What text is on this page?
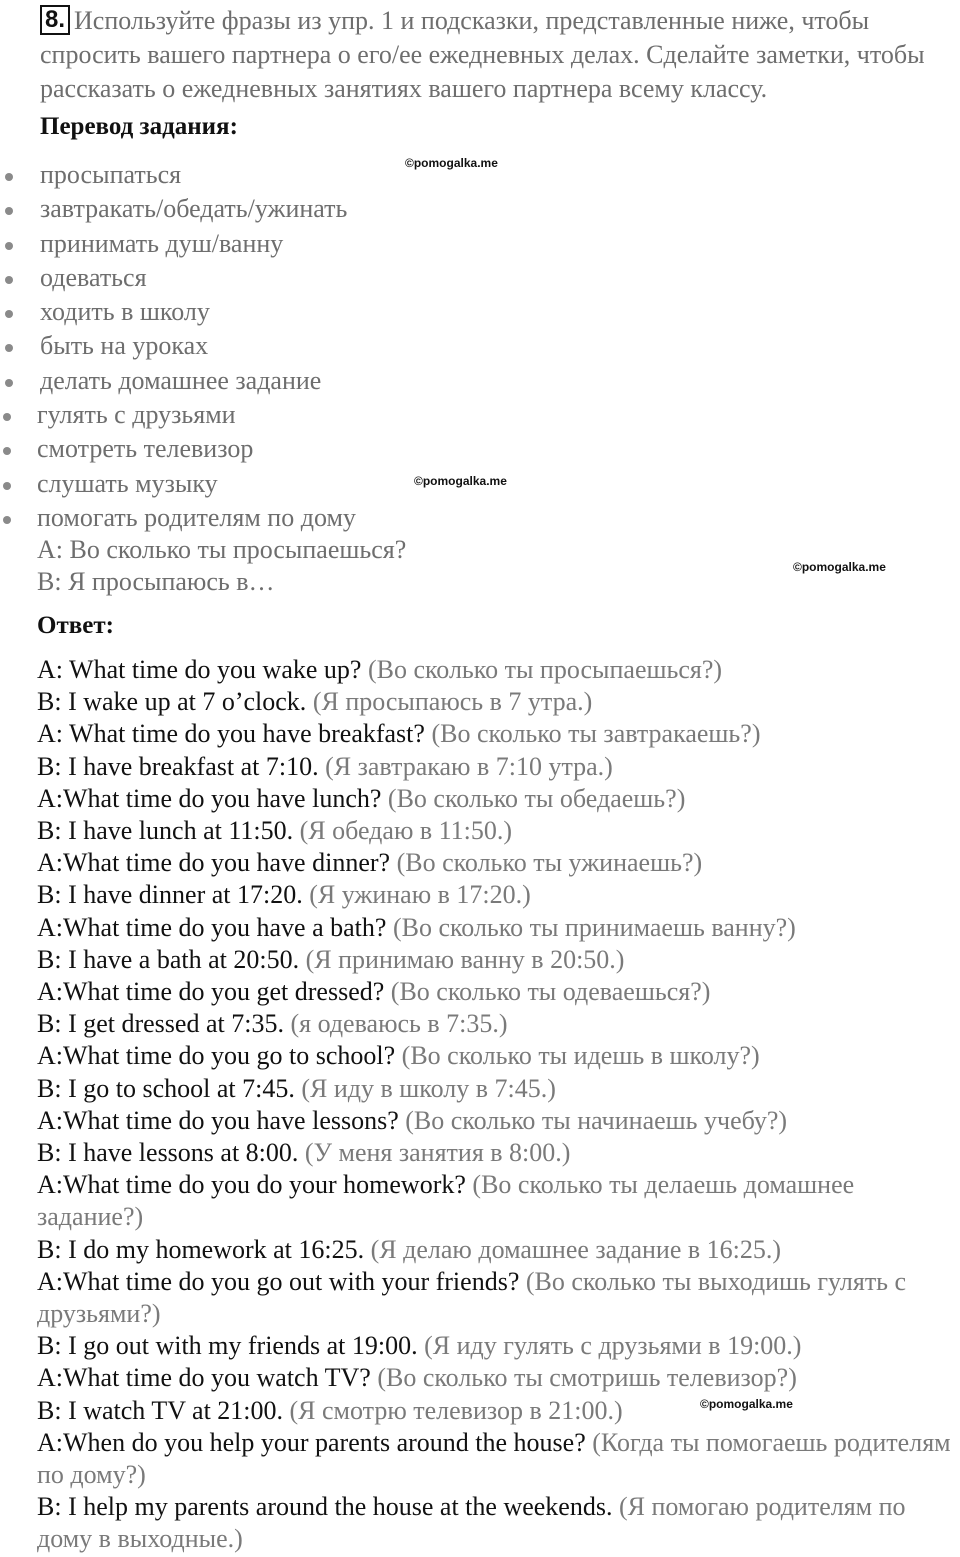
8. Используйте фразы из упр. 1 и подсказки, представленные ниже, чтобы спросить вашего партнера о его/ее ежедневных делах. Сделайте заметки, чтобы рассказать о ежедневных занятиях вашего партнера всему классу.
Перевод задания:
просыпаться
завтракать/обедать/ужинать
принимать душ/ванну
одеваться
ходить в школу
быть на уроках
делать домашнее задание
гулять с друзьями
смотреть телевизор
слушать музыку
помогать родителям по дому
А: Во сколько ты просыпаешься?
В: Я просыпаюсь в…
Ответ:
A: What time do you wake up? (Во сколько ты просыпаешься?)
B: I wake up at 7 o’clock. (Я просыпаюсь в 7 утра.)
A: What time do you have breakfast? (Во сколько ты завтракаешь?)
B: I have breakfast at 7:10. (Я завтракаю в 7:10 утра.)
A:What time do you have lunch? (Во сколько ты обедаешь?)
B: I have lunch at 11:50. (Я обедаю в 11:50.)
A:What time do you have dinner? (Во сколько ты ужинаешь?)
B: I have dinner at 17:20. (Я ужинаю в 17:20.)
A:What time do you have a bath? (Во сколько ты принимаешь ванну?)
B: I have a bath at 20:50. (Я принимаю ванну в 20:50.)
A:What time do you get dressed? (Во сколько ты одеваешься?)
B: I get dressed at 7:35. (я одеваюсь в 7:35.)
A:What time do you go to school? (Во сколько ты идешь в школу?)
B: I go to school at 7:45. (Я иду в школу в 7:45.)
A:What time do you have lessons? (Во сколько ты начинаешь учебу?)
B: I have lessons at 8:00. (У меня занятия в 8:00.)
A:What time do you do your homework? (Во сколько ты делаешь домашнее задание?)
B: I do my homework at 16:25. (Я делаю домашнее задание в 16:25.)
A:What time do you go out with your friends? (Во сколько ты выходишь гулять с друзьями?)
B: I go out with my friends at 19:00. (Я иду гулять с друзьями в 19:00.)
A:What time do you watch TV? (Во сколько ты смотришь телевизор?)
B: I watch TV at 21:00. (Я смотрю телевизор в 21:00.)
A:When do you help your parents around the house? (Когда ты помогаешь родителям по дому?)
B: I help my parents around the house at the weekends. (Я помогаю родителям по дому в выходные.)
©pomogalka.me
©pomogalka.me
©pomogalka.me
©pomogalka.me
